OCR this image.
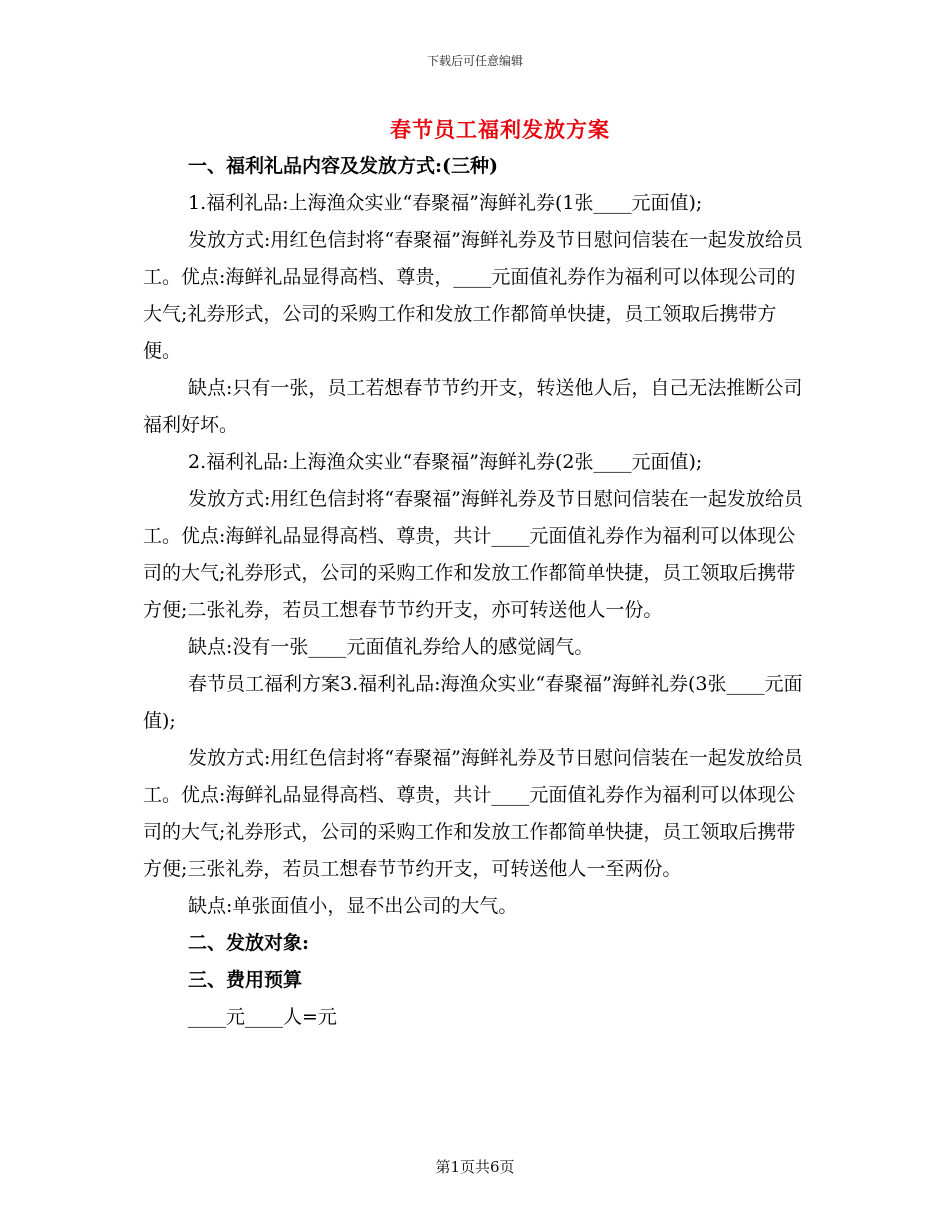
下载后可任意编辑
春节员工福利发放方案

一、福利礼品内容及发放方式:(三种)

1.福利礼品:上海渔众实业“春聚福”海鲜礼券(1张____元面值);

发放方式:用红色信封将“春聚福”海鲜礼券及节日慰问信装在一起发放给员工。优点:海鲜礼品显得高档、尊贵，____元面值礼券作为福利可以体现公司的大气;礼券形式，公司的采购工作和发放工作都简单快捷，员工领取后携带方便。

缺点:只有一张，员工若想春节节约开支，转送他人后，自己无法推断公司福利好坏。

2.福利礼品:上海渔众实业“春聚福”海鲜礼券(2张____元面值);

发放方式:用红色信封将“春聚福”海鲜礼券及节日慰问信装在一起发放给员工。优点:海鲜礼品显得高档、尊贵，共计____元面值礼券作为福利可以体现公司的大气;礼券形式，公司的采购工作和发放工作都简单快捷，员工领取后携带方便;二张礼券，若员工想春节节约开支，亦可转送他人一份。

缺点:没有一张____元面值礼券给人的感觉阔气。

春节员工福利方案3.福利礼品:海渔众实业“春聚福”海鲜礼券(3张____元面值);

发放方式:用红色信封将“春聚福”海鲜礼券及节日慰问信装在一起发放给员工。优点:海鲜礼品显得高档、尊贵，共计____元面值礼券作为福利可以体现公司的大气;礼券形式，公司的采购工作和发放工作都简单快捷，员工领取后携带方便;三张礼券，若员工想春节节约开支，可转送他人一至两份。

缺点:单张面值小，显不出公司的大气。

二、发放对象:

三、费用预算

____元____人=元

第1页共6页
